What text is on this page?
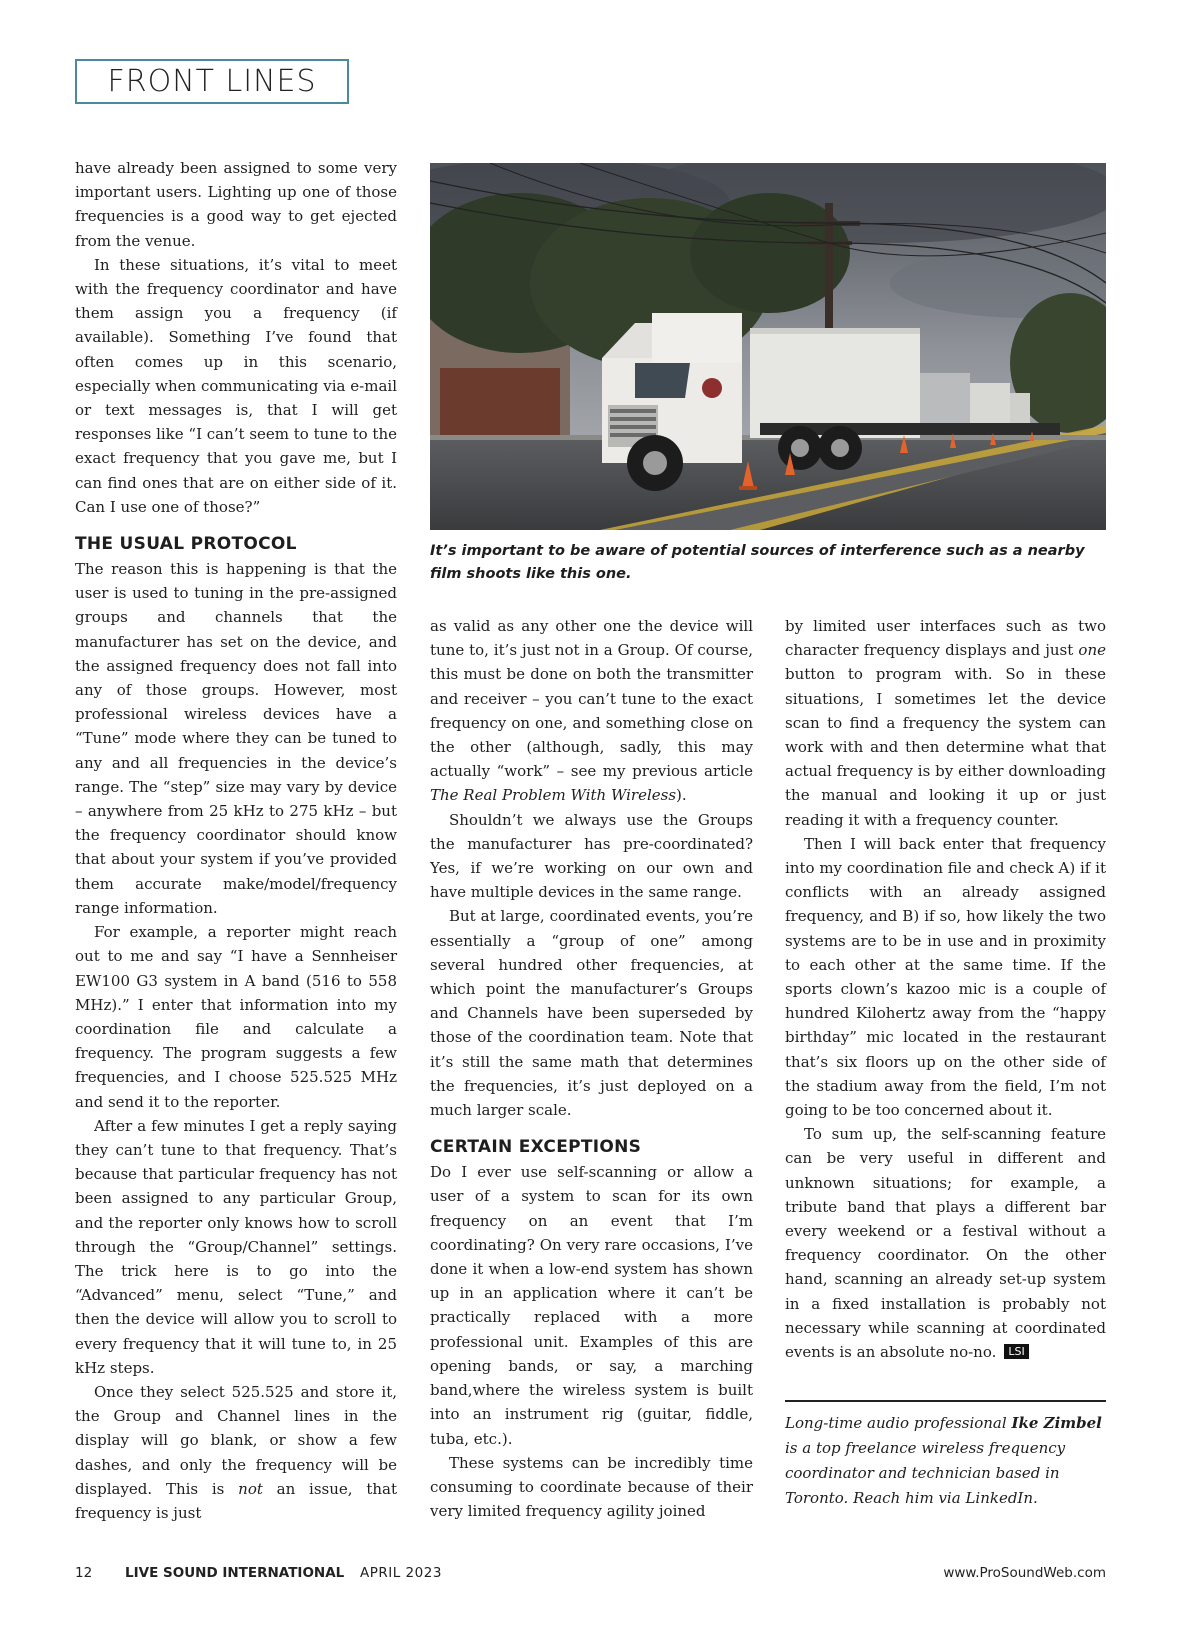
FRONT LINES

have already been assigned to some very important users. Lighting up one of those frequencies is a good way to get ejected from the venue.

In these situations, it’s vital to meet with the frequency coordinator and have them assign you a frequency (if available). Something I’ve found that often comes up in this scenario, especially when communicating via e-mail or text messages is, that I will get responses like “I can’t seem to tune to the exact frequency that you gave me, but I can find ones that are on either side of it. Can I use one of those?”

THE USUAL PROTOCOL

The reason this is happening is that the user is used to tuning in the pre-assigned groups and channels that the manufacturer has set on the device, and the assigned frequency does not fall into any of those groups. However, most professional wireless devices have a “Tune” mode where they can be tuned to any and all frequencies in the device’s range. The “step” size may vary by device – anywhere from 25 kHz to 275 kHz – but the frequency coordinator should know that about your system if you’ve provided them accurate make/model/frequency range information.

For example, a reporter might reach out to me and say “I have a Sennheiser EW100 G3 system in A band (516 to 558 MHz).” I enter that information into my coordination file and calculate a frequency. The program suggests a few frequencies, and I choose 525.525 MHz and send it to the reporter.

After a few minutes I get a reply saying they can’t tune to that frequency. That’s because that particular frequency has not been assigned to any particular Group, and the reporter only knows how to scroll through the “Group/Channel” settings. The trick here is to go into the “Advanced” menu, select “Tune,” and then the device will allow you to scroll to every frequency that it will tune to, in 25 kHz steps.

Once they select 525.525 and store it, the Group and Channel lines in the display will go blank, or show a few dashes, and only the frequency will be displayed. This is not an issue, that frequency is just

It’s important to be aware of potential sources of interference such as a nearby film shoots like this one.

as valid as any other one the device will tune to, it’s just not in a Group. Of course, this must be done on both the transmitter and receiver – you can’t tune to the exact frequency on one, and something close on the other (although, sadly, this may actually “work” – see my previous article The Real Problem With Wireless).

Shouldn’t we always use the Groups the manufacturer has pre-coordinated? Yes, if we’re working on our own and have multiple devices in the same range.

But at large, coordinated events, you’re essentially a “group of one” among several hundred other frequencies, at which point the manufacturer’s Groups and Channels have been superseded by those of the coordination team. Note that it’s still the same math that determines the frequencies, it’s just deployed on a much larger scale.

CERTAIN EXCEPTIONS

Do I ever use self-scanning or allow a user of a system to scan for its own frequency on an event that I’m coordinating? On very rare occasions, I’ve done it when a low-end system has shown up in an application where it can’t be practically replaced with a more professional unit. Examples of this are opening bands, or say, a marching band,where the wireless system is built into an instrument rig (guitar, fiddle, tuba, etc.).

These systems can be incredibly time consuming to coordinate because of their very limited frequency agility joined

by limited user interfaces such as two character frequency displays and just one button to program with. So in these situations, I sometimes let the device scan to find a frequency the system can work with and then determine what that actual frequency is by either downloading the manual and looking it up or just reading it with a frequency counter.

Then I will back enter that frequency into my coordination file and check A) if it conflicts with an already assigned frequency, and B) if so, how likely the two systems are to be in use and in proximity to each other at the same time. If the sports clown’s kazoo mic is a couple of hundred Kilohertz away from the “happy birthday” mic located in the restaurant that’s six floors up on the other side of the stadium away from the field, I’m not going to be too concerned about it.

To sum up, the self-scanning feature can be very useful in different and unknown situations; for example, a tribute band that plays a different bar every weekend or a festival without a frequency coordinator. On the other hand, scanning an already set-up system in a fixed installation is probably not necessary while scanning at coordinated events is an absolute no-no. LSI

Long-time audio professional Ike Zimbel is a top freelance wireless frequency coordinator and technician based in Toronto. Reach him via LinkedIn.
12 LIVE SOUND INTERNATIONAL APRIL 2023	www.ProSoundWeb.com
